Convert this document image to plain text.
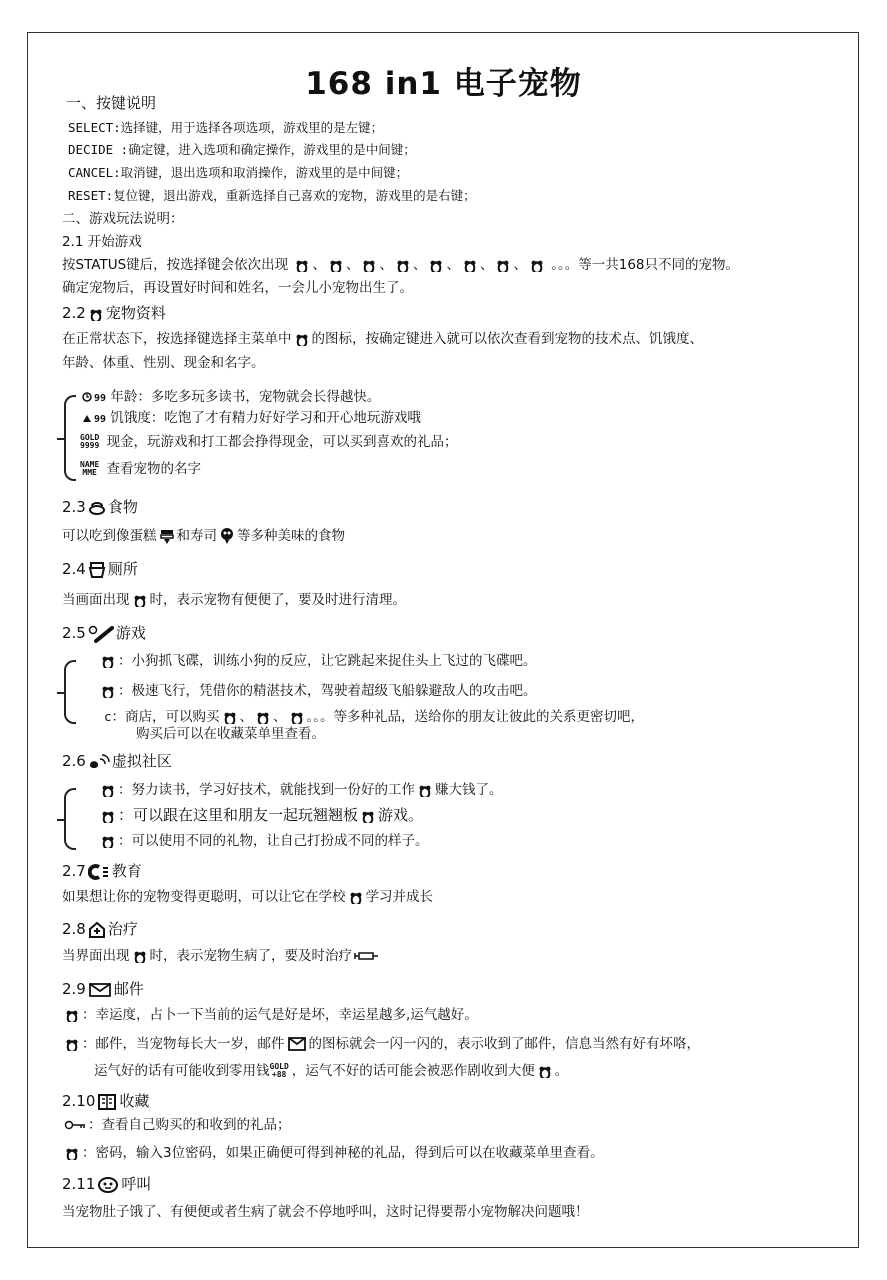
168 in1 电子宠物
一、按键说明
SELECT:选择键，用于选择各项选项，游戏里的是左键；
DECIDE :确定键，进入选项和确定操作，游戏里的是中间键；
CANCEL:取消键，退出选项和取消操作，游戏里的是中间键；
RESET:复位键，退出游戏，重新选择自己喜欢的宠物，游戏里的是右键；
二、游戏玩法说明：
2.1 开始游戏
按STATUS键后，按选择键会依次出现 、 、 、 、 、 、 、 。。。等一共168只不同的宠物。
确定宠物后，再设置好时间和姓名，一会儿小宠物出生了。
2.2 宠物资料
在正常状态下，按选择键选择主菜单中 的图标，按确定键进入就可以依次查看到宠物的技术点、饥饿度、
年龄、体重、性别、现金和名字。
99 年龄：多吃多玩多读书，宠物就会长得越快。
99 饥饿度：吃饱了才有精力好好学习和开心地玩游戏哦
GOLD
9999 现金，玩游戏和打工都会挣得现金，可以买到喜欢的礼品；
NAME
MME 查看宠物的名字
2.3 食物
可以吃到像蛋糕 和寿司 等多种美味的食物
2.4 厕所
当画面出现 时，表示宠物有便便了，要及时进行清理。
2.5 游戏
：小狗抓飞碟，训练小狗的反应，让它跳起来捉住头上飞过的飞碟吧。
：极速飞行，凭借你的精湛技术，驾驶着超级飞船躲避敌人的攻击吧。
c：商店，可以购买 、 、 。。。等多种礼品，送给你的朋友让彼此的关系更密切吧，
购买后可以在收藏菜单里查看。
2.6 虚拟社区
：努力读书，学习好技术，就能找到一份好的工作 赚大钱了。
：可以跟在这里和朋友一起玩翘翘板 游戏。
：可以使用不同的礼物，让自己打扮成不同的样子。
2.7 教育
如果想让你的宠物变得更聪明，可以让它在学校 学习并成长
2.8 治疗
当界面出现 时，表示宠物生病了，要及时治疗
2.9 邮件
：幸运度，占卜一下当前的运气是好是坏，幸运星越多,运气越好。
：邮件，当宠物每长大一岁，邮件 的图标就会一闪一闪的，表示收到了邮件，信息当然有好有坏咯，
运气好的话有可能收到零用钱GOLD
+88 ，运气不好的话可能会被恶作剧收到大便 。
2.10 收藏
：查看自己购买的和收到的礼品；
：密码，输入3位密码，如果正确便可得到神秘的礼品，得到后可以在收藏菜单里查看。
2.11 呼叫
当宠物肚子饿了、有便便或者生病了就会不停地呼叫，这时记得要帮小宠物解决问题哦！
